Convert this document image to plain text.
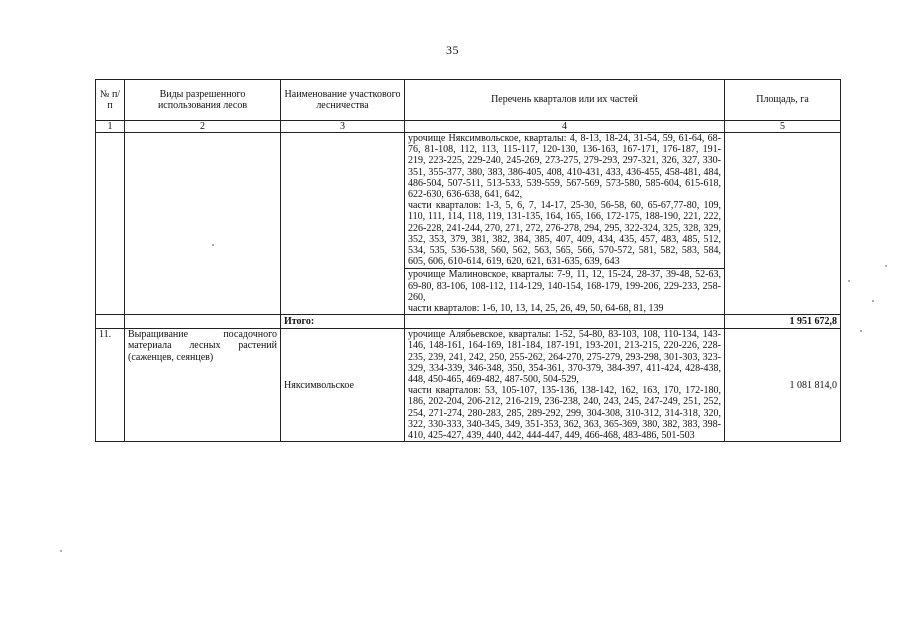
35
№ п/п	Виды разрешенного использования лесов	Наименование участкового лесничества	Перечень кварталов или их частей	Площадь, га
1	2	3	4	5

			урочище Няксимвольское, кварталы: 4, 8-13, 18-24, 31-54, 59, 61-64, 68-76, 81-108, 112, 113, 115-117, 120-130, 136-163, 167-171, 176-187, 191-219, 223-225, 229-240, 245-269, 273-275, 279-293, 297-321, 326, 327, 330-351, 355-377, 380, 383, 386-405, 408, 410-431, 433, 436-455, 458-481, 484, 486-504, 507-511, 513-533, 539-559, 567-569, 573-580, 585-604, 615-618, 622-630, 636-638, 641, 642,
части кварталов: 1-3, 5, 6, 7, 14-17, 25-30, 56-58, 60, 65-67,77-80, 109, 110, 111, 114, 118, 119, 131-135, 164, 165, 166, 172-175, 188-190, 221, 222, 226-228, 241-244, 270, 271, 272, 276-278, 294, 295, 322-324, 325, 328, 329, 352, 353, 379, 381, 382, 384, 385, 407, 409, 434, 435, 457, 483, 485, 512, 534, 535, 536-538, 560, 562, 563, 565, 566, 570-572, 581, 582, 583, 584, 605, 606, 610-614, 619, 620, 621, 631-635, 639, 643
урочище Малиновское, кварталы: 7-9, 11, 12, 15-24, 28-37, 39-48, 52-63, 69-80, 83-106, 108-112, 114-129, 140-154, 168-179, 199-206, 229-233, 258-260,
части кварталов: 1-6, 10, 13, 14, 25, 26, 49, 50, 64-68, 81, 139	

		Итого:		1 951 672,8
11.	Выращивание посадочного материала лесных растений (саженцев, сеянцев)	Няксимвольское	урочище Алябьевское, кварталы: 1-52, 54-80, 83-103, 108, 110-134, 143-146, 148-161, 164-169, 181-184, 187-191, 193-201, 213-215, 220-226, 228-235, 239, 241, 242, 250, 255-262, 264-270, 275-279, 293-298, 301-303, 323-329, 334-339, 346-348, 350, 354-361, 370-379, 384-397, 411-424, 428-438, 448, 450-465, 469-482, 487-500, 504-529,
части кварталов: 53, 105-107, 135-136, 138-142, 162, 163, 170, 172-180, 186, 202-204, 206-212, 216-219, 236-238, 240, 243, 245, 247-249, 251, 252, 254, 271-274, 280-283, 285, 289-292, 299, 304-308, 310-312, 314-318, 320, 322, 330-333, 340-345, 349, 351-353, 362, 363, 365-369, 380, 382, 383, 398-410, 425-427, 439, 440, 442, 444-447, 449, 466-468, 483-486, 501-503	1 081 814,0
